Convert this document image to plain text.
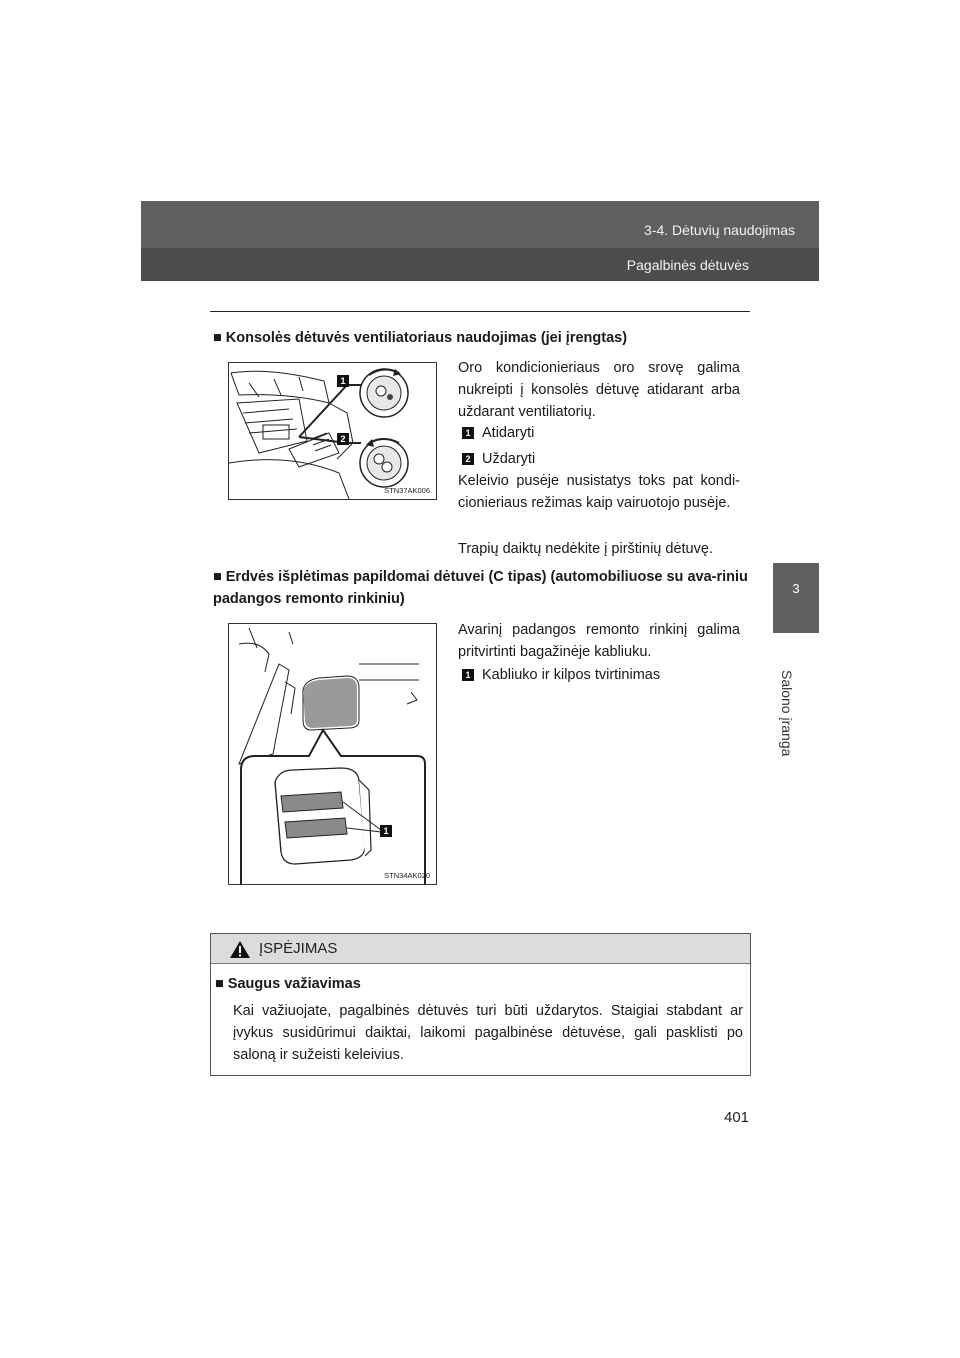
3-4. Dėtuvių naudojimas
Pagalbinės dėtuvės
3
Salono įranga
■ Konsolės dėtuvės ventiliatoriaus naudojimas (jei įrengtas)
1
2
STN37AK006
Oro kondicionieriaus oro srovę galima nukreipti į konsolės dėtuvę atidarant arba uždarant ventiliatorių.
1 Atidaryti
2 Uždaryti
Keleivio pusėje nusistatys toks pat kondi-cionieriaus režimas kaip vairuotojo pusėje.
Trapių daiktų nedėkite į pirštinių dėtuvę.
■ Erdvės išplėtimas papildomai dėtuvei (C tipas) (automobiliuose su ava-riniu padangos remonto rinkiniu)
1
STN34AK020
Avarinį padangos remonto rinkinį galima pritvirtinti bagažinėje kabliuku.
1 Kabliuko ir kilpos tvirtinimas
ĮSPĖJIMAS
■ Saugus važiavimas
Kai važiuojate, pagalbinės dėtuvės turi būti uždarytos. Staigiai stabdant ar įvykus susidūrimui daiktai, laikomi pagalbinėse dėtuvėse, gali pasklisti po saloną ir sužeisti keleivius.
401
